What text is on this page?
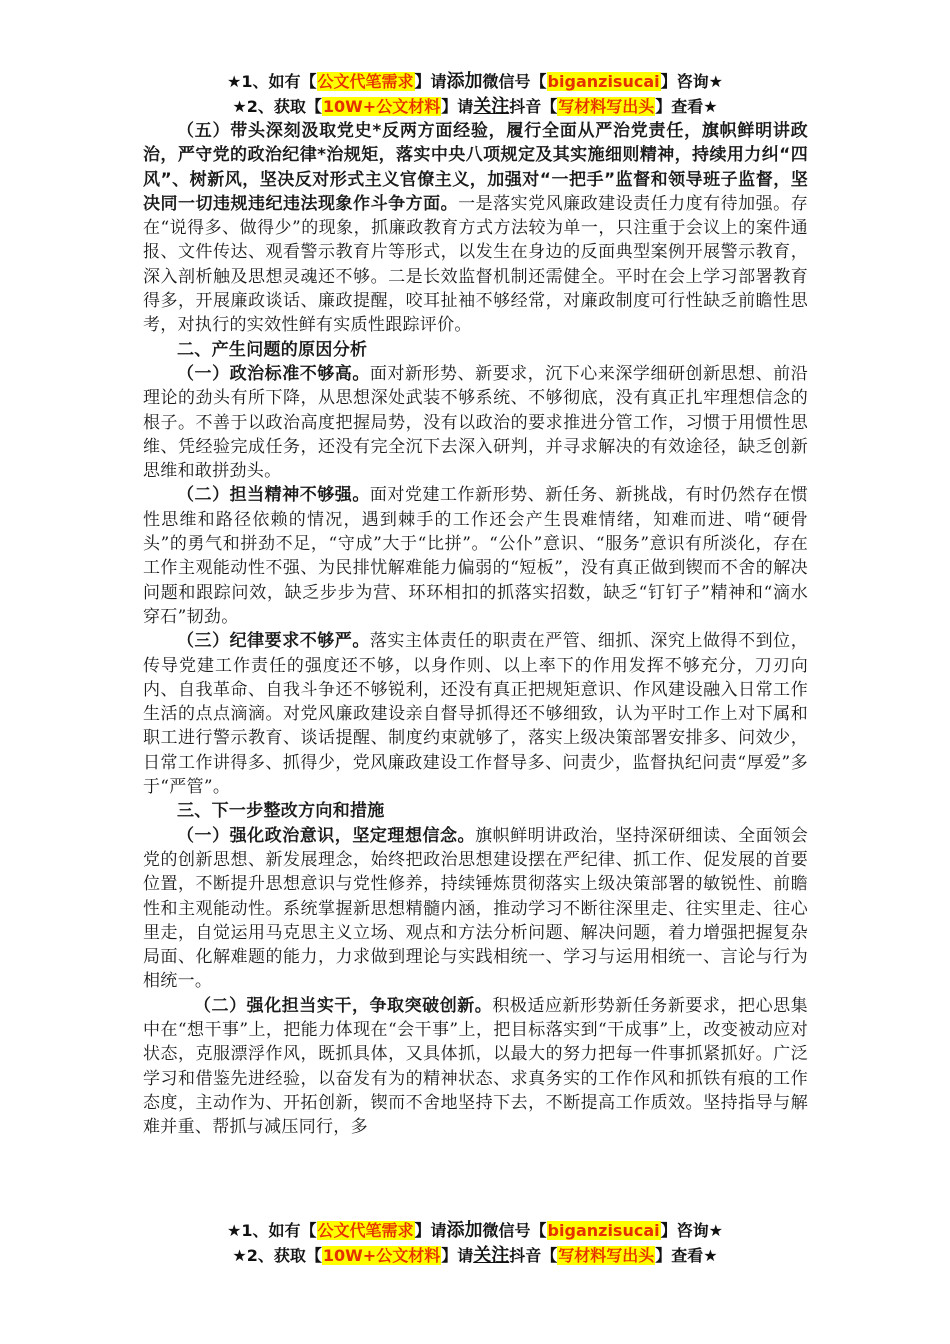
★1、如有【公文代笔需求】请添加微信号【biganzisucai】咨询★
★2、获取【10W+公文材料】请关注抖音【写材料写出头】查看★

（五）带头深刻汲取党史*反两方面经验，履行全面从严治党责任，旗帜鲜明讲政治，严守党的政治纪律*治规矩，落实中央八项规定及其实施细则精神，持续用力纠“四风”、树新风，坚决反对形式主义官僚主义，加强对“一把手”监督和领导班子监督，坚决同一切违规违纪违法现象作斗争方面。一是落实党风廉政建设责任力度有待加强。存在“说得多、做得少”的现象，抓廉政教育方式方法较为单一，只注重于会议上的案件通报、文件传达、观看警示教育片等形式，以发生在身边的反面典型案例开展警示教育，深入剖析触及思想灵魂还不够。二是长效监督机制还需健全。平时在会上学习部署教育得多，开展廉政谈话、廉政提醒，咬耳扯袖不够经常，对廉政制度可行性缺乏前瞻性思考，对执行的实效性鲜有实质性跟踪评价。

二、产生问题的原因分析

（一）政治标准不够高。面对新形势、新要求，沉下心来深学细研创新思想、前沿理论的劲头有所下降，从思想深处武装不够系统、不够彻底，没有真正扎牢理想信念的根子。不善于以政治高度把握局势，没有以政治的要求推进分管工作，习惯于用惯性思维、凭经验完成任务，还没有完全沉下去深入研判，并寻求解决的有效途径，缺乏创新思维和敢拼劲头。

（二）担当精神不够强。面对党建工作新形势、新任务、新挑战，有时仍然存在惯性思维和路径依赖的情况，遇到棘手的工作还会产生畏难情绪，知难而进、啃“硬骨头”的勇气和拼劲不足，“守成”大于“比拼”。“公仆”意识、“服务”意识有所淡化，存在工作主观能动性不强、为民排忧解难能力偏弱的“短板”，没有真正做到锲而不舍的解决问题和跟踪问效，缺乏步步为营、环环相扣的抓落实招数，缺乏“钉钉子”精神和“滴水穿石”韧劲。

（三）纪律要求不够严。落实主体责任的职责在严管、细抓、深究上做得不到位，传导党建工作责任的强度还不够，以身作则、以上率下的作用发挥不够充分，刀刃向内、自我革命、自我斗争还不够锐利，还没有真正把规矩意识、作风建设融入日常工作生活的点点滴滴。对党风廉政建设亲自督导抓得还不够细致，认为平时工作上对下属和职工进行警示教育、谈话提醒、制度约束就够了，落实上级决策部署安排多、问效少，日常工作讲得多、抓得少，党风廉政建设工作督导多、问责少，监督执纪问责“厚爱”多于“严管”。

三、下一步整改方向和措施

（一）强化政治意识，坚定理想信念。旗帜鲜明讲政治，坚持深研细读、全面领会党的创新思想、新发展理念，始终把政治思想建设摆在严纪律、抓工作、促发展的首要位置，不断提升思想意识与党性修养，持续锤炼贯彻落实上级决策部署的敏锐性、前瞻性和主观能动性。系统掌握新思想精髓内涵，推动学习不断往深里走、往实里走、往心里走，自觉运用马克思主义立场、观点和方法分析问题、解决问题，着力增强把握复杂局面、化解难题的能力，力求做到理论与实践相统一、学习与运用相统一、言论与行为相统一。

（二）强化担当实干，争取突破创新。积极适应新形势新任务新要求，把心思集中在“想干事”上，把能力体现在“会干事”上，把目标落实到“干成事”上，改变被动应对状态，克服漂浮作风，既抓具体，又具体抓，以最大的努力把每一件事抓紧抓好。广泛学习和借鉴先进经验，以奋发有为的精神状态、求真务实的工作作风和抓铁有痕的工作态度，主动作为、开拓创新，锲而不舍地坚持下去，不断提高工作质效。坚持指导与解难并重、帮抓与减压同行，多

★1、如有【公文代笔需求】请添加微信号【biganzisucai】咨询★
★2、获取【10W+公文材料】请关注抖音【写材料写出头】查看★
